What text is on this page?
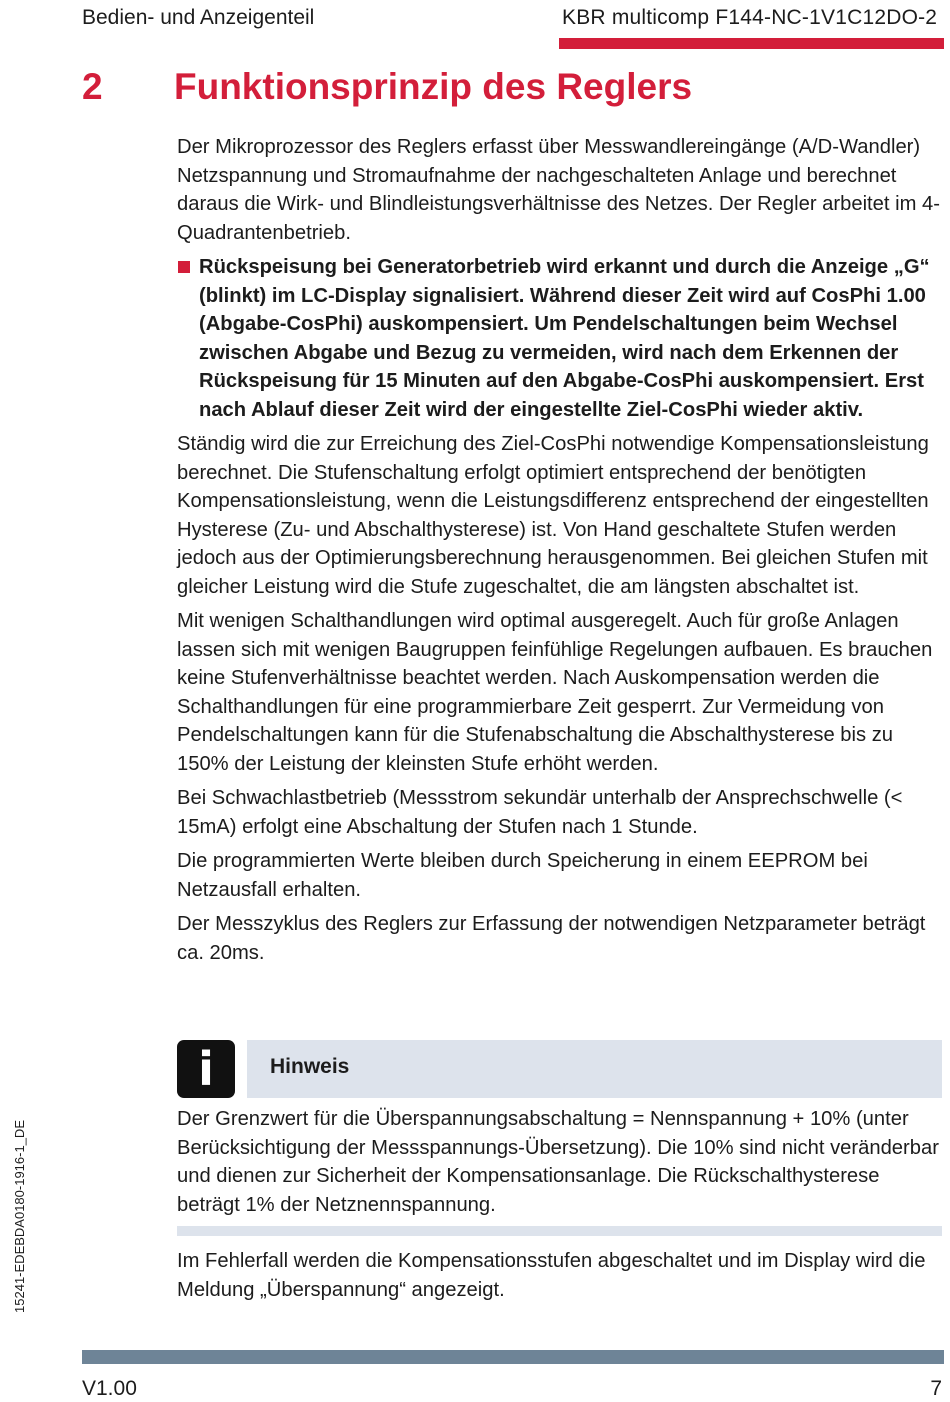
Bedien- und Anzeigenteil	KBR multicomp F144-NC-1V1C12DO-2
2 Funktionsprinzip des Reglers

Der Mikroprozessor des Reglers erfasst über Messwandlereingänge (A/D-Wandler) Netzspannung und Stromaufnahme der nachgeschalteten Anlage und berechnet daraus die Wirk- und Blindleistungsverhältnisse des Netzes. Der Regler arbeitet im 4-Quadrantenbetrieb.

Rückspeisung bei Generatorbetrieb wird erkannt und durch die Anzeige „G“ (blinkt) im LC-Display signalisiert. Während dieser Zeit wird auf CosPhi 1.00 (Abgabe-CosPhi) auskompensiert. Um Pendelschaltungen beim Wechsel zwischen Abgabe und Bezug zu vermeiden, wird nach dem Erkennen der Rückspeisung für 15 Minuten auf den Abgabe-CosPhi auskompensiert. Erst nach Ablauf dieser Zeit wird der eingestellte Ziel-CosPhi wieder aktiv.

Ständig wird die zur Erreichung des Ziel-CosPhi notwendige Kompensationsleistung berechnet. Die Stufenschaltung erfolgt optimiert entsprechend der benötigten Kompensationsleistung, wenn die Leistungsdifferenz entsprechend der eingestellten Hysterese (Zu- und Abschalthysterese) ist. Von Hand geschaltete Stufen werden jedoch aus der Optimierungsberechnung herausgenommen. Bei gleichen Stufen mit gleicher Leistung wird die Stufe zugeschaltet, die am längsten abschaltet ist.

Mit wenigen Schalthandlungen wird optimal ausgeregelt. Auch für große Anlagen lassen sich mit wenigen Baugruppen feinfühlige Regelungen aufbauen. Es brauchen keine Stufenverhältnisse beachtet werden. Nach Auskompensation werden die Schalthandlungen für eine programmierbare Zeit gesperrt. Zur Vermeidung von Pendelschaltungen kann für die Stufenabschaltung die Abschalthysterese bis zu 150% der Leistung der kleinsten Stufe erhöht werden.

Bei Schwachlastbetrieb (Messstrom sekundär unterhalb der Ansprechschwelle (< 15mA) erfolgt eine Abschaltung der Stufen nach 1 Stunde.

Die programmierten Werte bleiben durch Speicherung in einem EEPROM bei Netzausfall erhalten.

Der Messzyklus des Reglers zur Erfassung der notwendigen Netzparameter beträgt ca. 20ms.

i	Hinweis
Der Grenzwert für die Überspannungsabschaltung = Nennspannung + 10% (unter Berücksichtigung der Messspannungs-Übersetzung). Die 10% sind nicht veränderbar und dienen zur Sicherheit der Kompensationsanlage. Die Rückschalthysterese beträgt 1% der Netznennspannung.
Im Fehlerfall werden die Kompensationsstufen abgeschaltet und im Display wird die Meldung „Überspannung“ angezeigt.
15241-EDEBDA0180-1916-1_DE
V1.00	7
